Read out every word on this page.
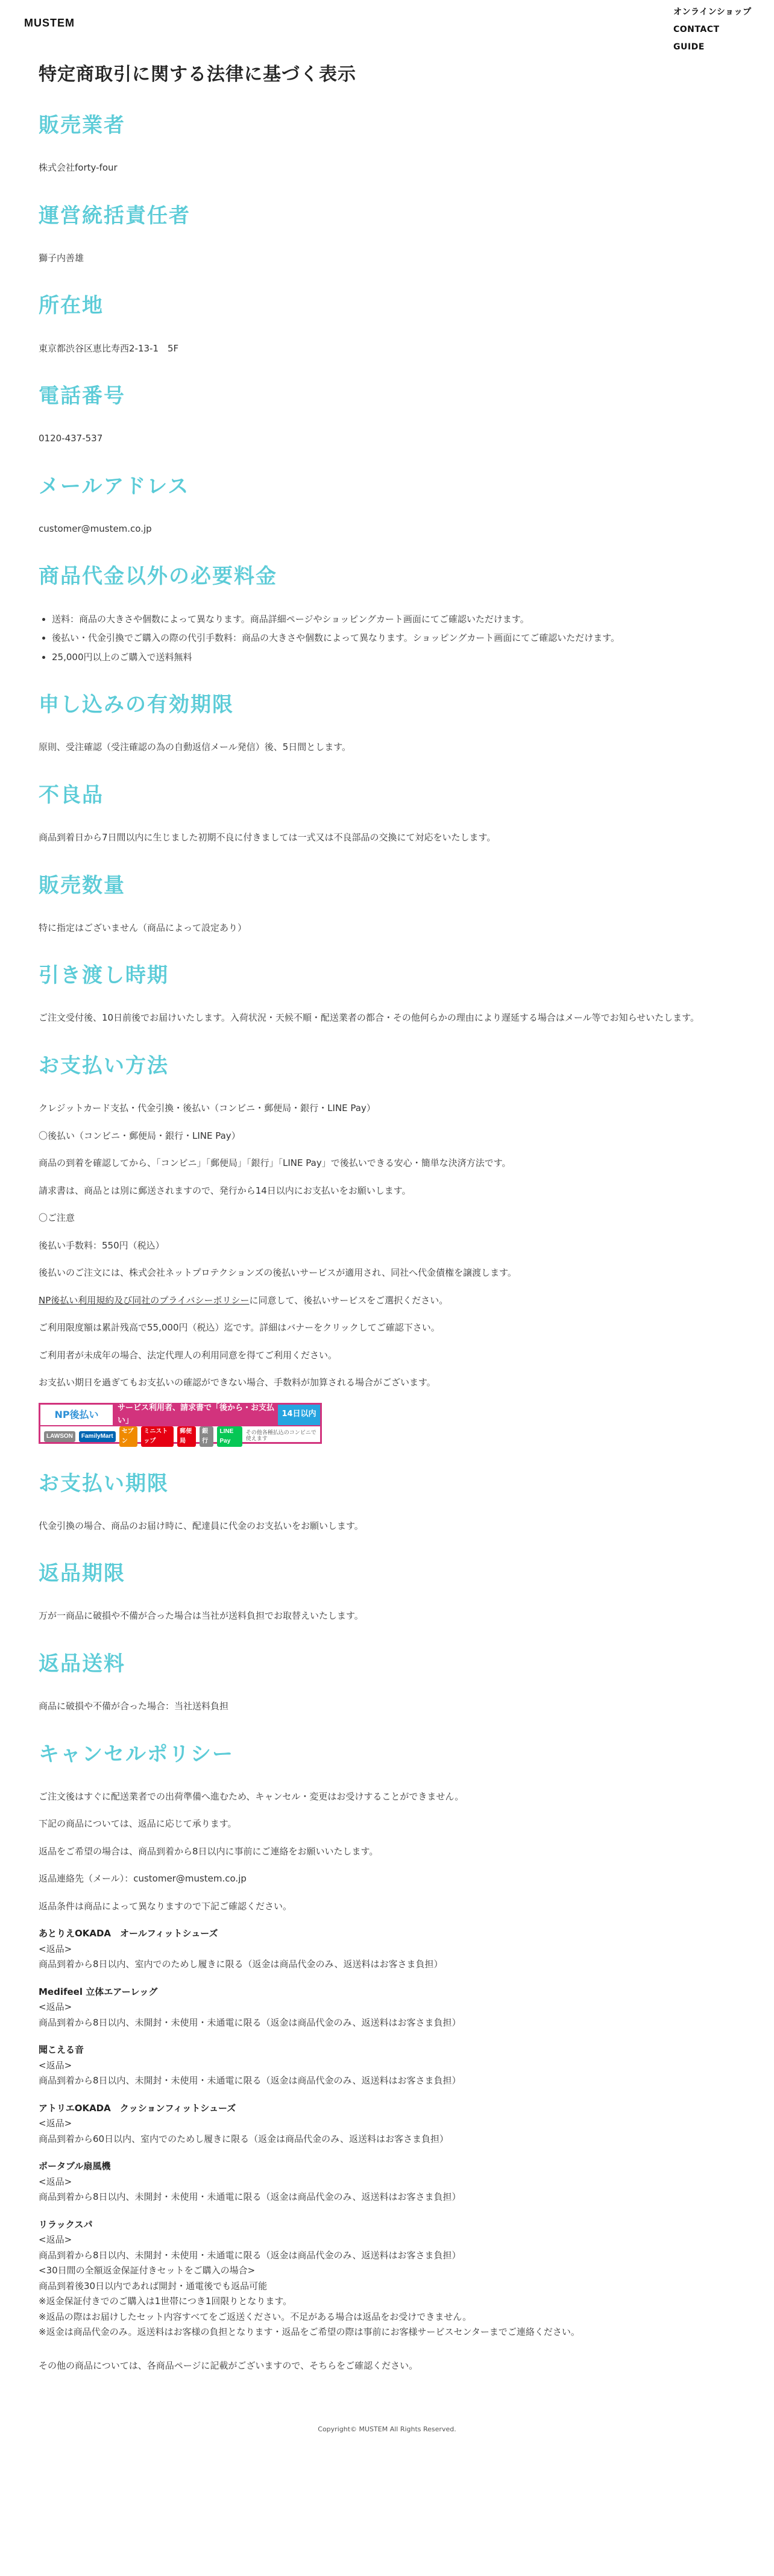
MUSTEM
オンラインショップ
CONTACT
GUIDE
特定商取引に関する法律に基づく表示
販売業者

株式会社forty-four

運営統括責任者

獅子内善雄

所在地

東京都渋谷区恵比寿西2-13-1　5F

電話番号

0120-437-537

メールアドレス

customer@mustem.co.jp

商品代金以外の必要料金
• 送料：商品の大きさや個数によって異なります。商品詳細ページやショッピングカート画面にてご確認いただけます。
• 後払い・代金引換でご購入の際の代引手数料：商品の大きさや個数によって異なります。ショッピングカート画面にてご確認いただけます。
• 25,000円以上のご購入で送料無料
申し込みの有効期限

原則、受注確認（受注確認の為の自動返信メール発信）後、5日間とします。

不良品

商品到着日から7日間以内に生じました初期不良に付きましては一式又は不良部品の交換にて対応をいたします。

販売数量

特に指定はございません（商品によって設定あり）

引き渡し時期

ご注文受付後、10日前後でお届けいたします。入荷状況・天候不順・配送業者の都合・その他何らかの理由により遅延する場合はメール等でお知らせいたします。

お支払い方法

クレジットカード支払・代金引換・後払い（コンビニ・郵便局・銀行・LINE Pay）

〇後払い（コンビニ・郵便局・銀行・LINE Pay）

商品の到着を確認してから、「コンビニ」「郵便局」「銀行」「LINE Pay」で後払いできる安心・簡単な決済方法です。

請求書は、商品とは別に郵送されますので、発行から14日以内にお支払いをお願いします。

〇ご注意

後払い手数料：550円（税込）

後払いのご注文には、株式会社ネットプロテクションズの後払いサービスが適用され、同社へ代金債権を譲渡します。

NP後払い利用規約及び同社のプライバシーポリシーに同意して、後払いサービスをご選択ください。

ご利用限度額は累計残高で55,000円（税込）迄です。詳細はバナーをクリックしてご確認下さい。

ご利用者が未成年の場合、法定代理人の利用同意を得てご利用ください。

お支払い期日を過ぎてもお支払いの確認ができない場合、手数料が加算される場合がございます。

NP後払い
サービス利用者、請求書で「後から・お支払い」
14日以内
LAWSON	FamilyMart
セブン
ミニストップ
郵便局
銀行
LINE Pay
その他各種払込のコンビニで使えます
お支払い期限

代金引換の場合、商品のお届け時に、配達員に代金のお支払いをお願いします。

返品期限

万が一商品に破損や不備が合った場合は当社が送料負担でお取替えいたします。

返品送料

商品に破損や不備が合った場合：当社送料負担

キャンセルポリシー

ご注文後はすぐに配送業者での出荷準備へ進むため、キャンセル・変更はお受けすることができません。

下記の商品については、返品に応じて承ります。

返品をご希望の場合は、商品到着から8日以内に事前にご連絡をお願いいたします。

返品連絡先（メール）：customer@mustem.co.jp

返品条件は商品によって異なりますので下記ご確認ください。

あとりえOKADA　オールフィットシューズ
<返品>
商品到着から8日以内、室内でのためし履きに限る（返金は商品代金のみ、返送料はお客さま負担）
Medifeel 立体エアーレッグ
<返品>
商品到着から8日以内、未開封・未使用・未通電に限る（返金は商品代金のみ、返送料はお客さま負担）
聞こえる音
<返品>
商品到着から8日以内、未開封・未使用・未通電に限る（返金は商品代金のみ、返送料はお客さま負担）
アトリエOKADA　クッションフィットシューズ
<返品>
商品到着から60日以内、室内でのためし履きに限る（返金は商品代金のみ、返送料はお客さま負担）
ポータブル扇風機
<返品>
商品到着から8日以内、未開封・未使用・未通電に限る（返金は商品代金のみ、返送料はお客さま負担）
リラックスパ
<返品>
商品到着から8日以内、未開封・未使用・未通電に限る（返金は商品代金のみ、返送料はお客さま負担）
<30日間の全額返金保証付きセットをご購入の場合>
商品到着後30日以内であれば開封・通電後でも返品可能
※返金保証付きでのご購入は1世帯につき1回限りとなります。
※返品の際はお届けしたセット内容すべてをご返送ください。不足がある場合は返品をお受けできません。
※返金は商品代金のみ。返送料はお客様の負担となります・返品をご希望の際は事前にお客様サービスセンターまでご連絡ください。

その他の商品については、各商品ページに記載がございますので、そちらをご確認ください。

Copyright© MUSTEM All Rights Reserved.
